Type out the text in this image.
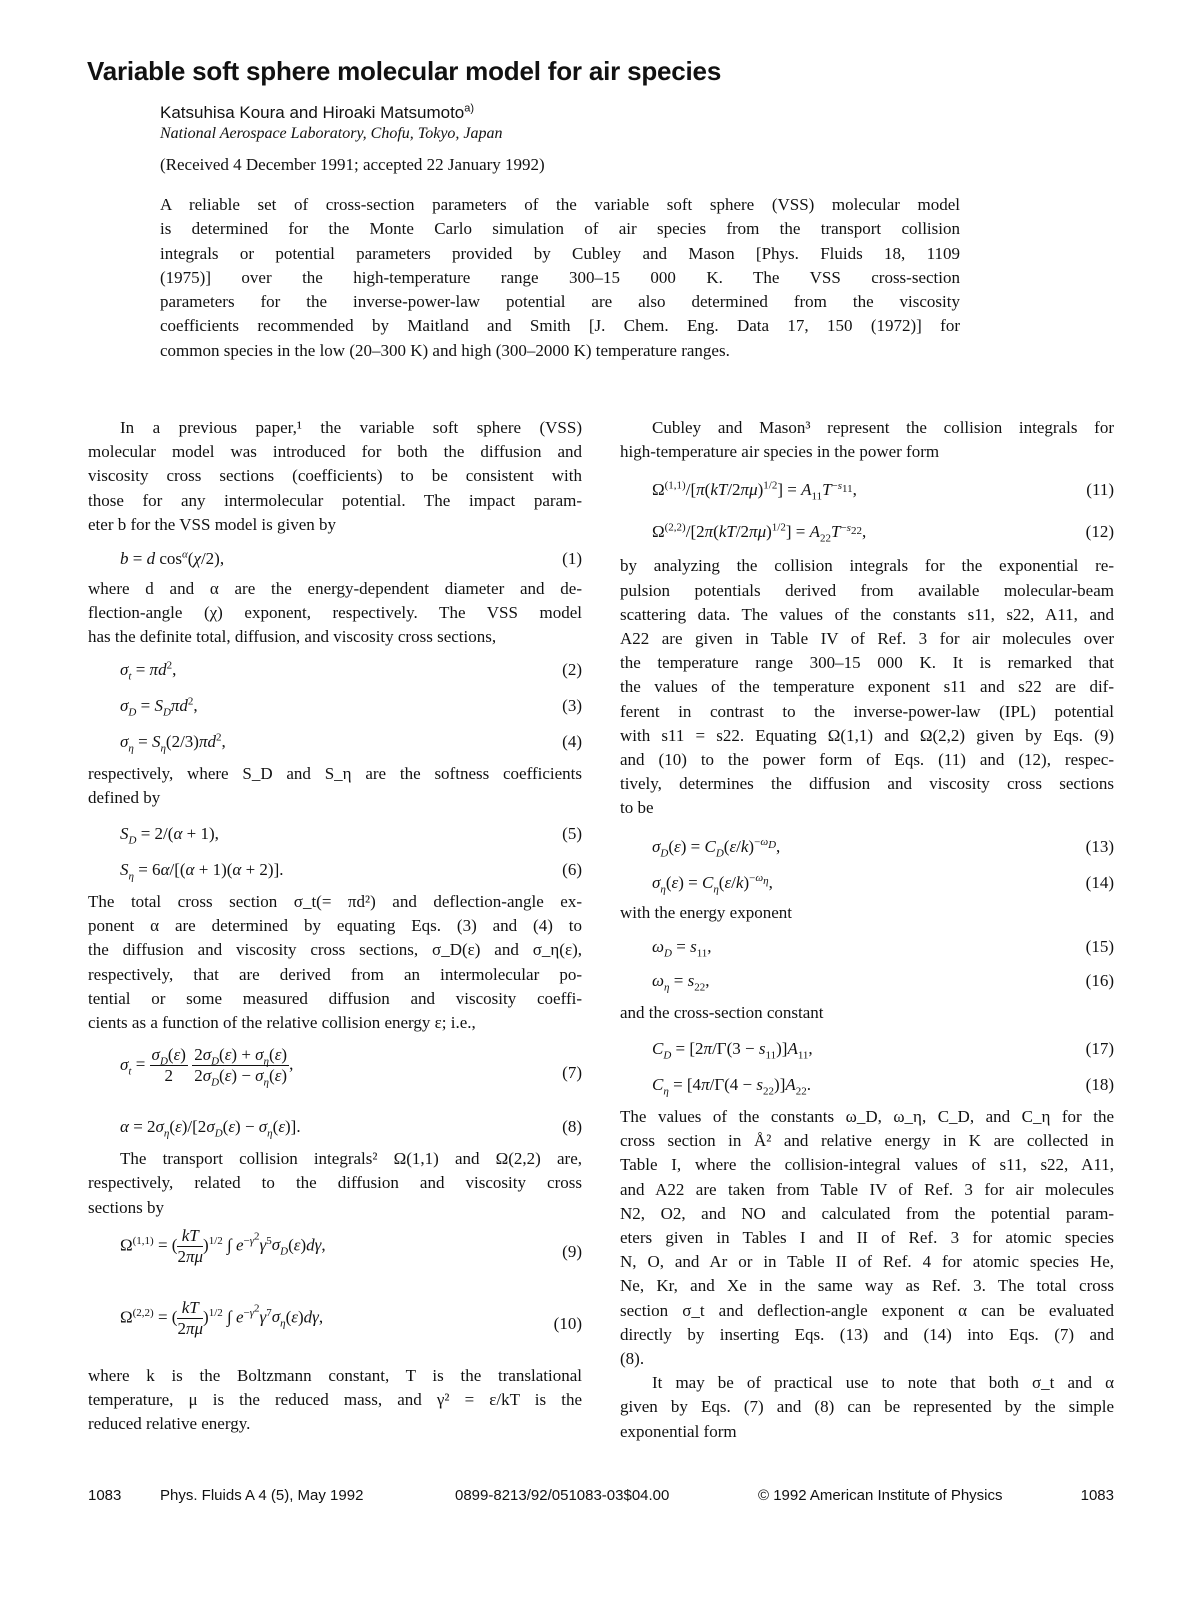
Variable soft sphere molecular model for air species
Katsuhisa Koura and Hiroaki Matsumoto$^{a)}$
National Aerospace Laboratory, Chofu, Tokyo, Japan
(Received 4 December 1991; accepted 22 January 1992)

A reliable set of cross-section parameters of the variable soft sphere (VSS) molecular model

is determined for the Monte Carlo simulation of air species from the transport collision

integrals or potential parameters provided by Cubley and Mason [Phys. Fluids 18, 1109

(1975)] over the high-temperature range 300–15 000 K. The VSS cross-section

parameters for the inverse-power-law potential are also determined from the viscosity

coefficients recommended by Maitland and Smith [J. Chem. Eng. Data 17, 150 (1972)] for

common species in the low (20–300 K) and high (300–2000 K) temperature ranges.

In a previous paper,¹ the variable soft sphere (VSS)
molecular model was introduced for both the diffusion and
viscosity cross sections (coefficients) to be consistent with
those for any intermolecular potential. The impact param-
eter b for the VSS model is given by
b = d $\cos^\alpha(\chi/2)$,	(1)
where d and α are the energy-dependent diameter and de-
flection-angle (χ) exponent, respectively. The VSS model
has the definite total, diffusion, and viscosity cross sections,
$\sigma_t = \pi d^2$,	(2)
$\sigma_D = S_D\pi d^2$,	(3)
$\sigma_\eta = S_\eta(2/3)\pi d^2$,	(4)
respectively, where S_D and S_η are the softness coefficients
defined by
$S_D = 2/(\alpha + 1)$,	(5)
$S_\eta = 6\alpha/[(\alpha + 1)(\alpha + 2)]$.	(6)
The total cross section σ_t(= πd²) and deflection-angle ex-
ponent α are determined by equating Eqs. (3) and (4) to
the diffusion and viscosity cross sections, σ_D(ε) and σ_η(ε),
respectively, that are derived from an intermolecular po-
tential or some measured diffusion and viscosity coeffi-
cients as a function of the relative collision energy ε; i.e.,
$\sigma_t = \frac{\sigma_D(\varepsilon)}{2}$
$\frac{2\sigma_D(\varepsilon) + \sigma_\eta(\varepsilon)}{2\sigma_D(\varepsilon) - \sigma_\eta(\varepsilon)}$ ,	(7)
$\alpha = 2\sigma_\eta(\varepsilon)/[2\sigma_D(\varepsilon) - \sigma_\eta(\varepsilon)]$.	(8)
The transport collision integrals² Ω(1,1) and Ω(2,2) are,
respectively, related to the diffusion and viscosity cross
sections by
Ω$^{(1,1)}$ = ( $\frac{kT}{2\pi\mu} )^{1/2}$ ∫ $e^{-\gamma^2}\gamma^5\sigma_D(\varepsilon)d\gamma$,	(9)
Ω$^{(2,2)}$ = ( $\frac{kT}{2\pi\mu} )^{1/2}$ ∫ $e^{-\gamma^2}\gamma^7\sigma_\eta(\varepsilon)d\gamma$,	(10)
where k is the Boltzmann constant, T is the translational
temperature, μ is the reduced mass, and γ² = ε/kT is the
reduced relative energy.
Cubley and Mason³ represent the collision integrals for
high-temperature air species in the power form
$\Omega^{(1,1)}/[\pi(kT/2\pi\mu)^{1/2}] = A_{11}T^{-s_{11}}$,	(11)
$\Omega^{(2,2)}/[2\pi(kT/2\pi\mu)^{1/2}] = A_{22}T^{-s_{22}}$,	(12)
by analyzing the collision integrals for the exponential re-
pulsion potentials derived from available molecular-beam
scattering data. The values of the constants s11, s22, A11, and
A22 are given in Table IV of Ref. 3 for air molecules over
the temperature range 300–15 000 K. It is remarked that
the values of the temperature exponent s11 and s22 are dif-
ferent in contrast to the inverse-power-law (IPL) potential
with s11 = s22. Equating Ω(1,1) and Ω(2,2) given by Eqs. (9)
and (10) to the power form of Eqs. (11) and (12), respec-
tively, determines the diffusion and viscosity cross sections
to be
$\sigma_D(\varepsilon) = C_D(\varepsilon/k)^{-\omega_D}$,	(13)
$\sigma_\eta(\varepsilon) = C_\eta(\varepsilon/k)^{-\omega_\eta}$,	(14)
with the energy exponent
$\omega_D = s_{11}$,	(15)
$\omega_\eta = s_{22}$,	(16)
and the cross-section constant
$C_D = [2\pi/\Gamma(3 - s_{11})]A_{11}$,	(17)
$C_\eta = [4\pi/\Gamma(4 - s_{22})]A_{22}$.	(18)
The values of the constants ω_D, ω_η, C_D, and C_η for the
cross section in Å² and relative energy in K are collected in
Table I, where the collision-integral values of s11, s22, A11,
and A22 are taken from Table IV of Ref. 3 for air molecules
N2, O2, and NO and calculated from the potential param-
eters given in Tables I and II of Ref. 3 for atomic species
N, O, and Ar or in Table II of Ref. 4 for atomic species He,
Ne, Kr, and Xe in the same way as Ref. 3. The total cross
section σ_t and deflection-angle exponent α can be evaluated
directly by inserting Eqs. (13) and (14) into Eqs. (7) and
(8).
It may be of practical use to note that both σ_t and α
given by Eqs. (7) and (8) can be represented by the simple
exponential form
1083	Phys. Fluids A 4 (5), May 1992	0899-8213/92/051083-03$04.00	© 1992 American Institute of Physics	1083
